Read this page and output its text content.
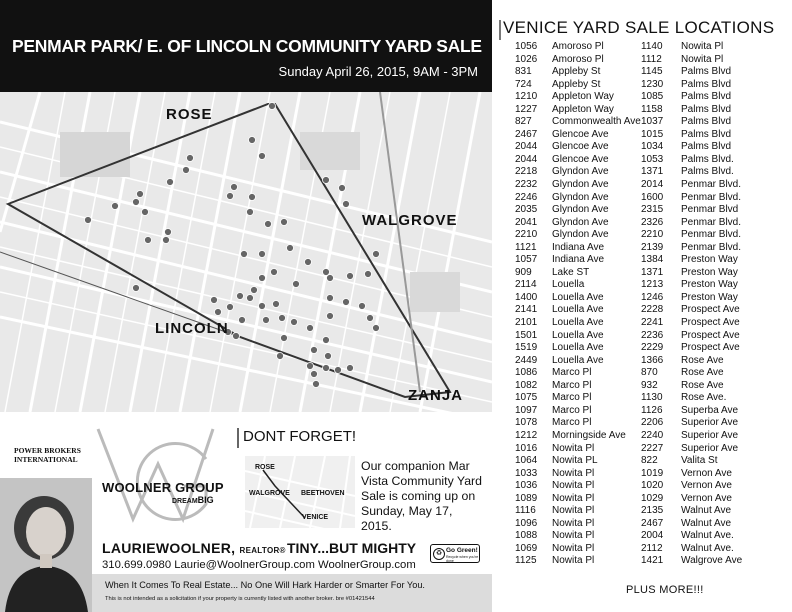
PENMAR PARK/ E. OF LINCOLN COMMUNITY YARD SALE
Sunday April 26, 2015, 9AM - 3PM
ROSE
WALGROVE
LINCOLN
ZANJA
VENICE YARD SALE LOCATIONS
1056 Amoroso Pl
1026 Amoroso Pl
831 Appleby St
724 Appleby St
1210 Appleton Way
1227 Appleton Way
827 Commonwealth Ave
2467 Glencoe Ave
2044 Glencoe Ave
2044 Glencoe Ave
2218 Glyndon Ave
2232 Glyndon Ave
2246 Glyndon Ave
2035 Glyndon Ave
2041 Glyndon Ave
2210 Glyndon Ave
1121 Indiana Ave
1057 Indiana Ave
909 Lake ST
2114 Louella
1400 Louella Ave
2141 Louella Ave
2101 Louella Ave
1501 Louella Ave
1519 Louella Ave
2449 Louella Ave
1086 Marco Pl
1082 Marco Pl
1075 Marco Pl
1097 Marco Pl
1078 Marco Pl
1212 Morningside Ave
1016 Nowita Pl
1064 Nowita PL
1033 Nowita Pl
1036 Nowita Pl
1089 Nowita Pl
1116 Nowita Pl
1096 Nowita Pl
1088 Nowita Pl
1069 Nowita Pl
1125 Nowita Pl
1140 Nowita Pl
1112 Nowita Pl
1145 Palms Blvd
1230 Palms Blvd
1085 Palms Blvd
1158 Palms Blvd
1037 Palms Blvd
1015 Palms Blvd
1034 Palms Blvd
1053 Palms Blvd.
1371 Palms Blvd.
2014 Penmar Blvd.
1600 Penmar Blvd.
2315 Penmar Blvd
2326 Penmar Blvd.
2210 Penmar Blvd.
2139 Penmar Blvd.
1384 Preston Way
1371 Preston Way
1213 Preston Way
1246 Preston Way
2228 Prospect Ave
2241 Prospect Ave
2236 Prospect Ave
2229 Prospect Ave
1366 Rose Ave
870 Rose Ave
932 Rose Ave
1130 Rose Ave.
1126 Superba Ave
2206 Superior Ave
2240 Superior Ave
2227 Superior Ave
822 Valita St
1019 Vernon Ave
1020 Vernon Ave
1029 Vernon Ave
2135 Walnut Ave
2467 Walnut Ave
2004 Walnut Ave.
2112 Walnut Ave.
1421 Walgrove Ave
PLUS MORE!!!
POWER BROKERS INTERNATIONAL
WOOLNER GROUP
DREAMBIG
LAURIEWOOLNER, REALTOR® TINY...BUT MIGHTY
310.699.0980 Laurie@WoolnerGroup.com WoolnerGroup.com
♻ Go Green!
Recycle when you're done
DONT FORGET!
ROSE
WALGROVE BEETHOVEN
VENICE
Our companion Mar Vista Community Yard Sale is coming up on Sunday, May 17, 2015.
When It Comes To Real Estate... No One Will Hark Harder or Smarter For You.
This is not intended as a solicitation if your property is currently listed with another broker. bre #01421544
